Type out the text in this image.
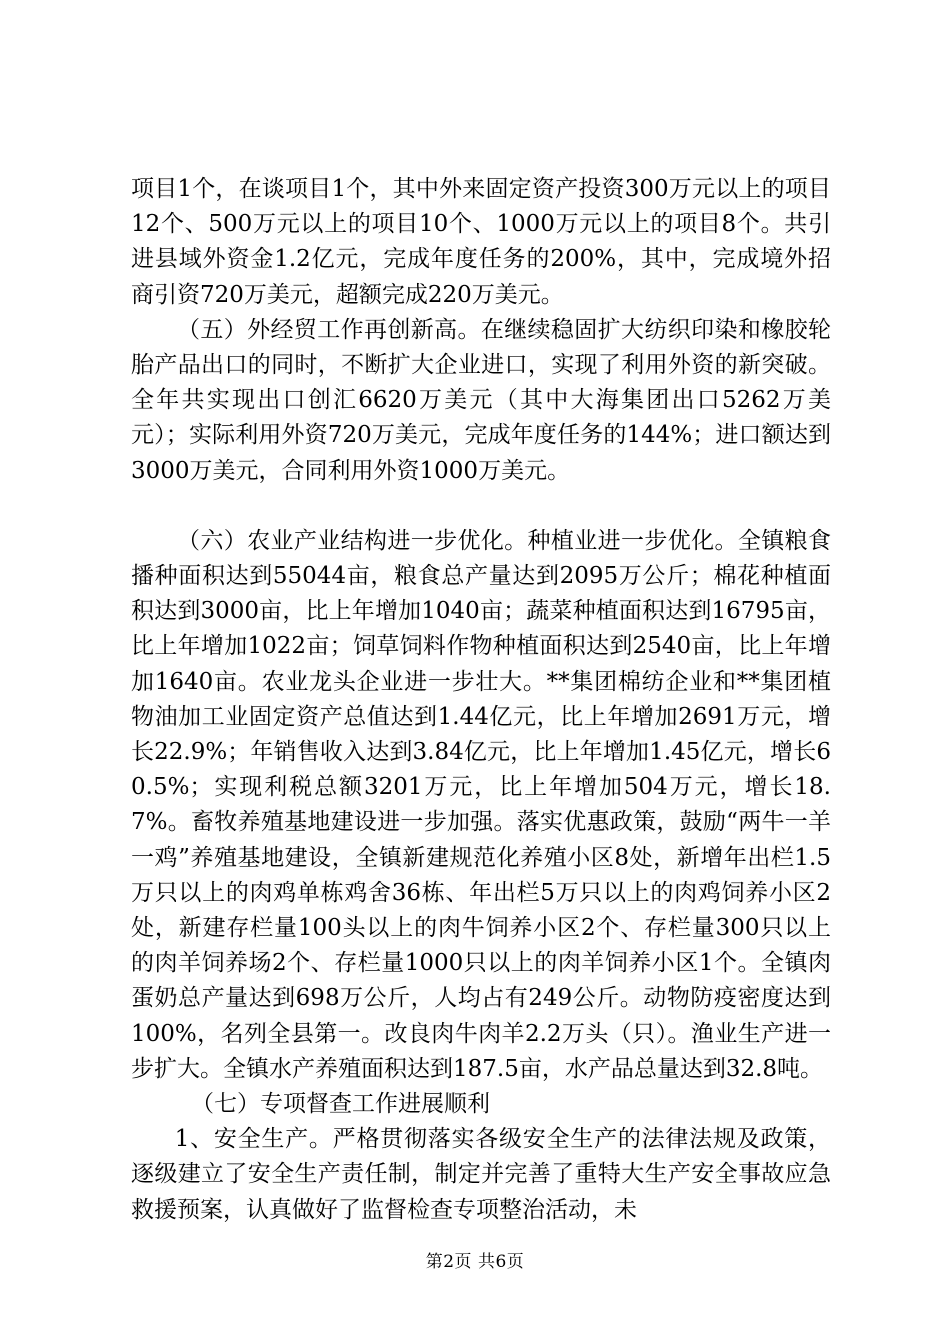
项目1个，在谈项目1个，其中外来固定资产投资300万元以上的项目12个、500万元以上的项目10个、1000万元以上的项目8个。共引进县域外资金1.2亿元，完成年度任务的200%，其中，完成境外招商引资720万美元，超额完成220万美元。

（五）外经贸工作再创新高。在继续稳固扩大纺织印染和橡胶轮胎产品出口的同时，不断扩大企业进口，实现了利用外资的新突破。全年共实现出口创汇6620万美元（其中大海集团出口5262万美元）；实际利用外资720万美元，完成年度任务的144%；进口额达到3000万美元，合同利用外资1000万美元。

（六）农业产业结构进一步优化。种植业进一步优化。全镇粮食播种面积达到55044亩，粮食总产量达到2095万公斤；棉花种植面积达到3000亩，比上年增加1040亩；蔬菜种植面积达到16795亩，比上年增加1022亩；饲草饲料作物种植面积达到2540亩，比上年增加1640亩。农业龙头企业进一步壮大。**集团棉纺企业和**集团植物油加工业固定资产总值达到1.44亿元，比上年增加2691万元，增长22.9%；年销售收入达到3.84亿元，比上年增加1.45亿元，增长60.5%；实现利税总额3201万元，比上年增加504万元，增长18.7%。畜牧养殖基地建设进一步加强。落实优惠政策，鼓励“两牛一羊一鸡”养殖基地建设，全镇新建规范化养殖小区8处，新增年出栏1.5万只以上的肉鸡单栋鸡舍36栋、年出栏5万只以上的肉鸡饲养小区2处，新建存栏量100头以上的肉牛饲养小区2个、存栏量300只以上的肉羊饲养场2个、存栏量1000只以上的肉羊饲养小区1个。全镇肉蛋奶总产量达到698万公斤，人均占有249公斤。动物防疫密度达到100%，名列全县第一。改良肉牛肉羊2.2万头（只）。渔业生产进一步扩大。全镇水产养殖面积达到187.5亩，水产品总量达到32.8吨。

（七）专项督查工作进展顺利

1、安全生产。严格贯彻落实各级安全生产的法律法规及政策，逐级建立了安全生产责任制，制定并完善了重特大生产安全事故应急救援预案，认真做好了监督检查专项整治活动，未

第2页 共6页
